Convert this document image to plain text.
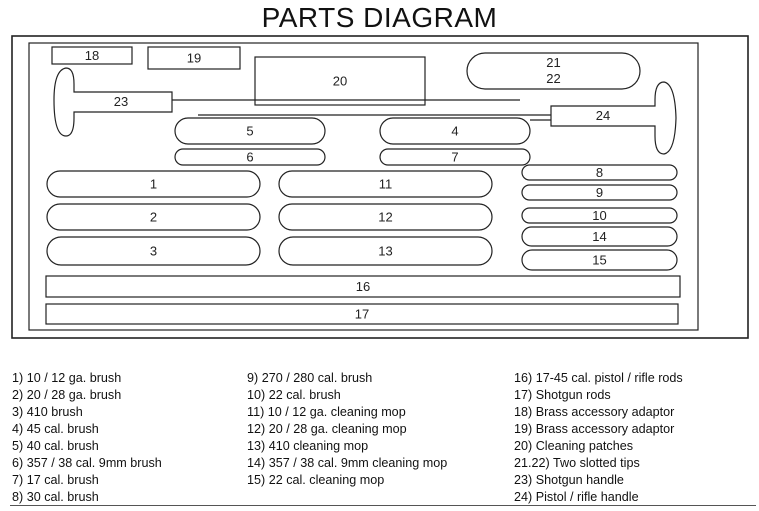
PARTS DIAGRAM
18	19
20
21
22
23
24
5	4
6	7
1	11
2	12
3	13
8
9
10
14
15
16
17
1) 10 / 12 ga. brush
2) 20 / 28 ga. brush
3) 410 brush
4) 45 cal. brush
5) 40 cal. brush
6) 357 / 38 cal. 9mm brush
7) 17 cal. brush
8) 30 cal. brush
9) 270 / 280 cal. brush
10) 22 cal. brush
11) 10 / 12 ga. cleaning mop
12) 20 / 28 ga. cleaning mop
13) 410 cleaning mop
14) 357 / 38 cal. 9mm cleaning mop
15) 22 cal. cleaning mop
16) 17-45 cal. pistol / rifle rods
17) Shotgun rods
18) Brass accessory adaptor
19) Brass accessory adaptor
20) Cleaning patches
21.22) Two slotted tips
23) Shotgun handle
24) Pistol / rifle handle
